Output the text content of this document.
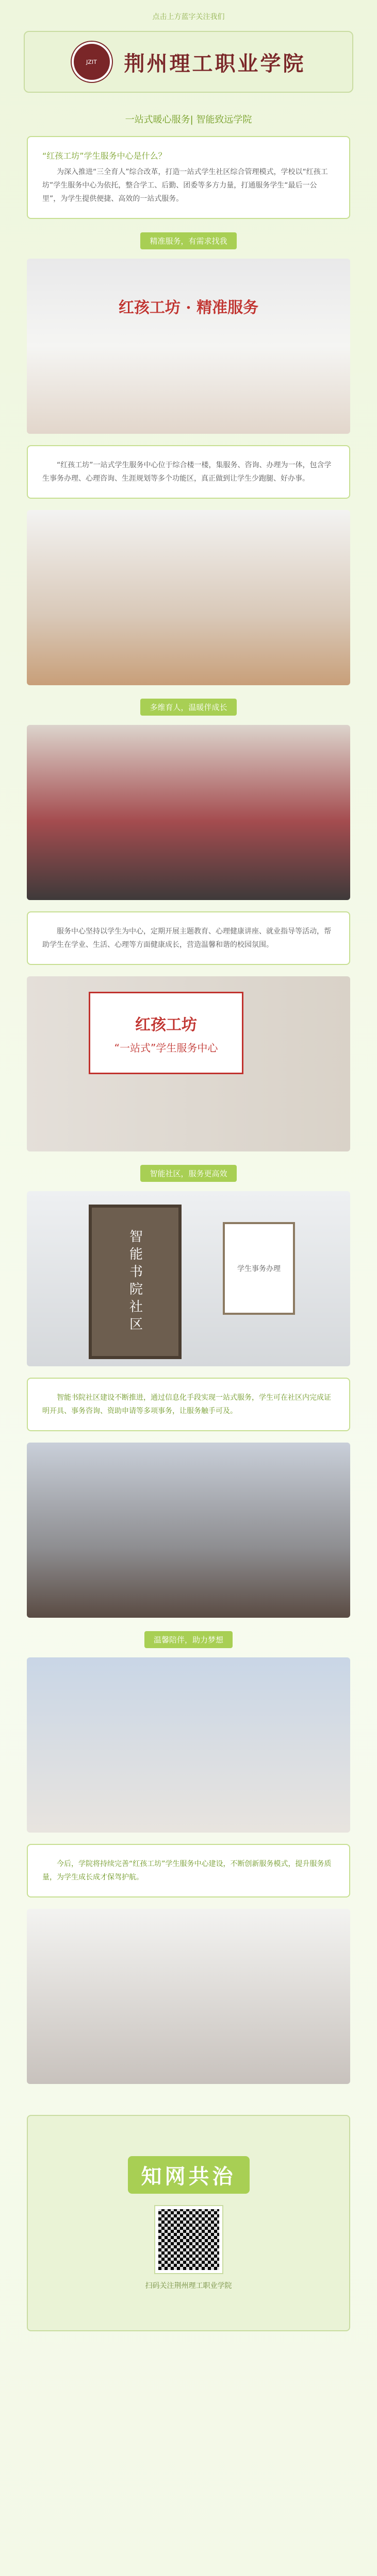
点击上方蓝字关注我们
JZIT 荆州理工职业学院
一站式暖心服务| 智能致远学院
“红孩工坊”学生服务中心是什么？

为深入推进“三全育人”综合改革，打造一站式学生社区综合管理模式，学校以“红孩工坊”学生服务中心为依托，整合学工、后勤、团委等多方力量，打通服务学生“最后一公里”，为学生提供便捷、高效的一站式服务。

精准服务，有需求找我
红孩工坊 · 精准服务

“红孩工坊”一站式学生服务中心位于综合楼一楼，集服务、咨询、办理为一体，包含学生事务办理、心理咨询、生涯规划等多个功能区，真正做到让学生少跑腿、好办事。

多维育人，温暖伴成长

服务中心坚持以学生为中心，定期开展主题教育、心理健康讲座、就业指导等活动，帮助学生在学业、生活、心理等方面健康成长，营造温馨和谐的校园氛围。

红孩工坊
“一站式”学生服务中心
智能社区，服务更高效
智能书院社区	学生事务办理

智能书院社区建设不断推进，通过信息化手段实现一站式服务，学生可在社区内完成证明开具、事务咨询、资助申请等多项事务，让服务触手可及。

温馨陪伴，助力梦想

今后，学院将持续完善“红孩工坊”学生服务中心建设，不断创新服务模式，提升服务质量，为学生成长成才保驾护航。

知网共治
扫码关注荆州理工职业学院
